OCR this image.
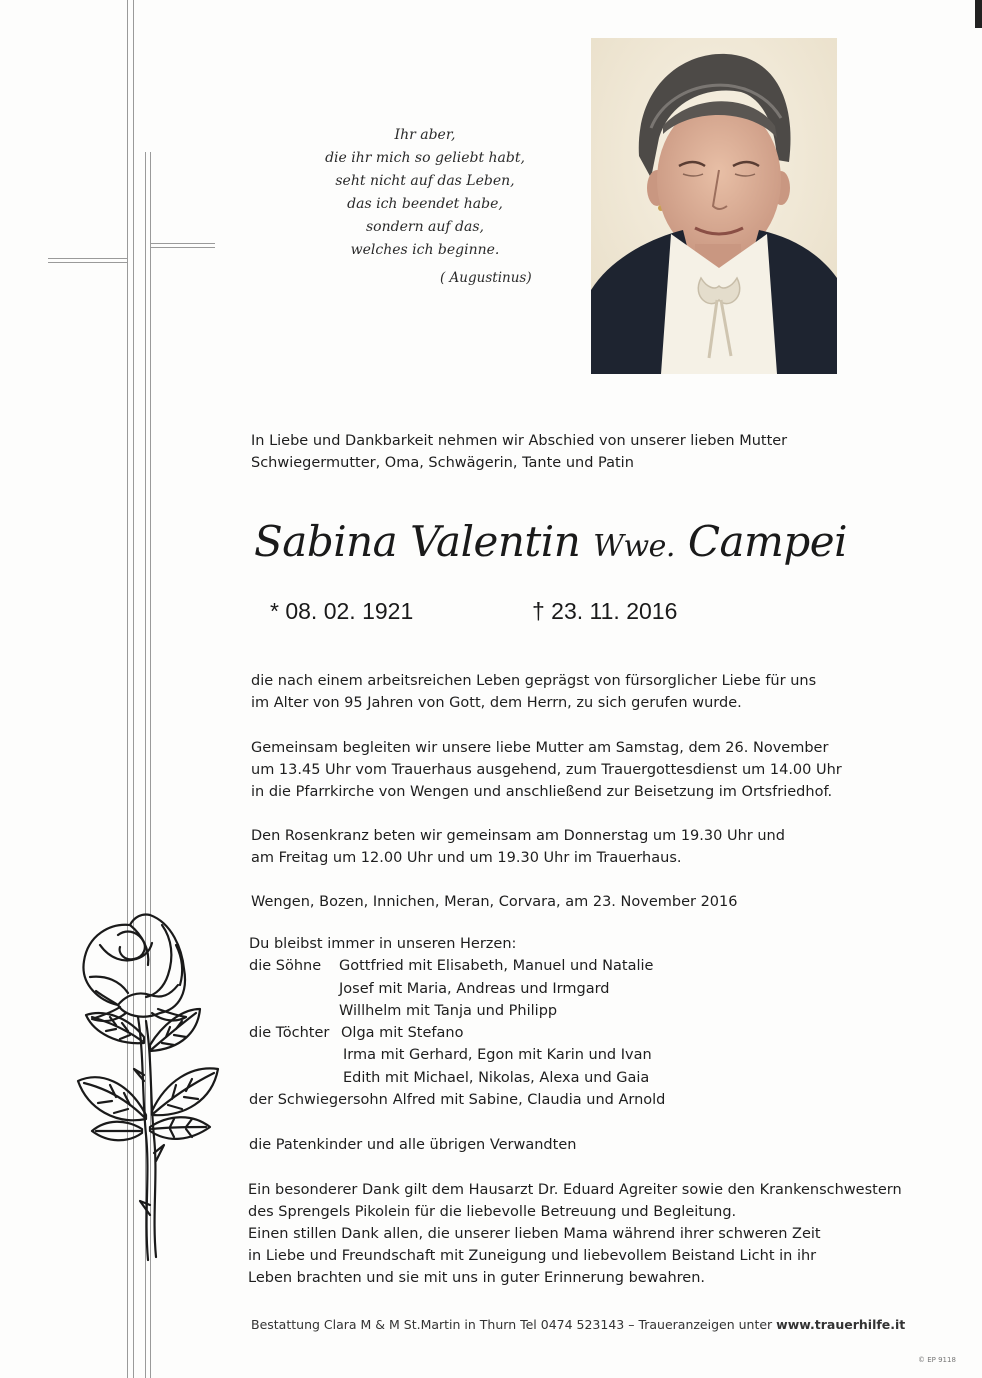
Ihr aber,
die ihr mich so geliebt habt,
seht nicht auf das Leben,
das ich beendet habe,
sondern auf das,
welches ich beginne.
( Augustinus)
In Liebe und Dankbarkeit nehmen wir Abschied von unserer lieben Mutter
Schwiegermutter, Oma, Schwägerin, Tante und Patin
Sabina Valentin Wwe. Campei
* 08. 02. 1921	† 23. 11. 2016
die nach einem arbeitsreichen Leben geprägst von fürsorglicher Liebe für uns
im Alter von 95 Jahren von Gott, dem Herrn, zu sich gerufen wurde.
Gemeinsam begleiten wir unsere liebe Mutter am Samstag, dem 26. November
um 13.45 Uhr vom Trauerhaus ausgehend, zum Trauergottesdienst um 14.00 Uhr
in die Pfarrkirche von Wengen und anschließend zur Beisetzung im Ortsfriedhof.
Den Rosenkranz beten wir gemeinsam am Donnerstag um 19.30 Uhr und
am Freitag um 12.00 Uhr und um 19.30 Uhr im Trauerhaus.
Wengen, Bozen, Innichen, Meran, Corvara, am 23. November 2016
Du bleibst immer in unseren Herzen:
die Söhne	Gottfried mit Elisabeth, Manuel und Natalie
Josef mit Maria, Andreas und Irmgard
Willhelm mit Tanja und Philipp
die Töchter Olga mit Stefano
Irma mit Gerhard, Egon mit Karin und Ivan
Edith mit Michael, Nikolas, Alexa und Gaia
der Schwiegersohn Alfred mit Sabine, Claudia und Arnold
die Patenkinder und alle übrigen Verwandten
Ein besonderer Dank gilt dem Hausarzt Dr. Eduard Agreiter sowie den Krankenschwestern
des Sprengels Pikolein für die liebevolle Betreuung und Begleitung.
Einen stillen Dank allen, die unserer lieben Mama während ihrer schweren Zeit
in Liebe und Freundschaft mit Zuneigung und liebevollem Beistand Licht in ihr
Leben brachten und sie mit uns in guter Erinnerung bewahren.
Bestattung Clara M & M St.Martin in Thurn Tel 0474 523143 – Traueranzeigen unter www.trauerhilfe.it
© EP 9118
